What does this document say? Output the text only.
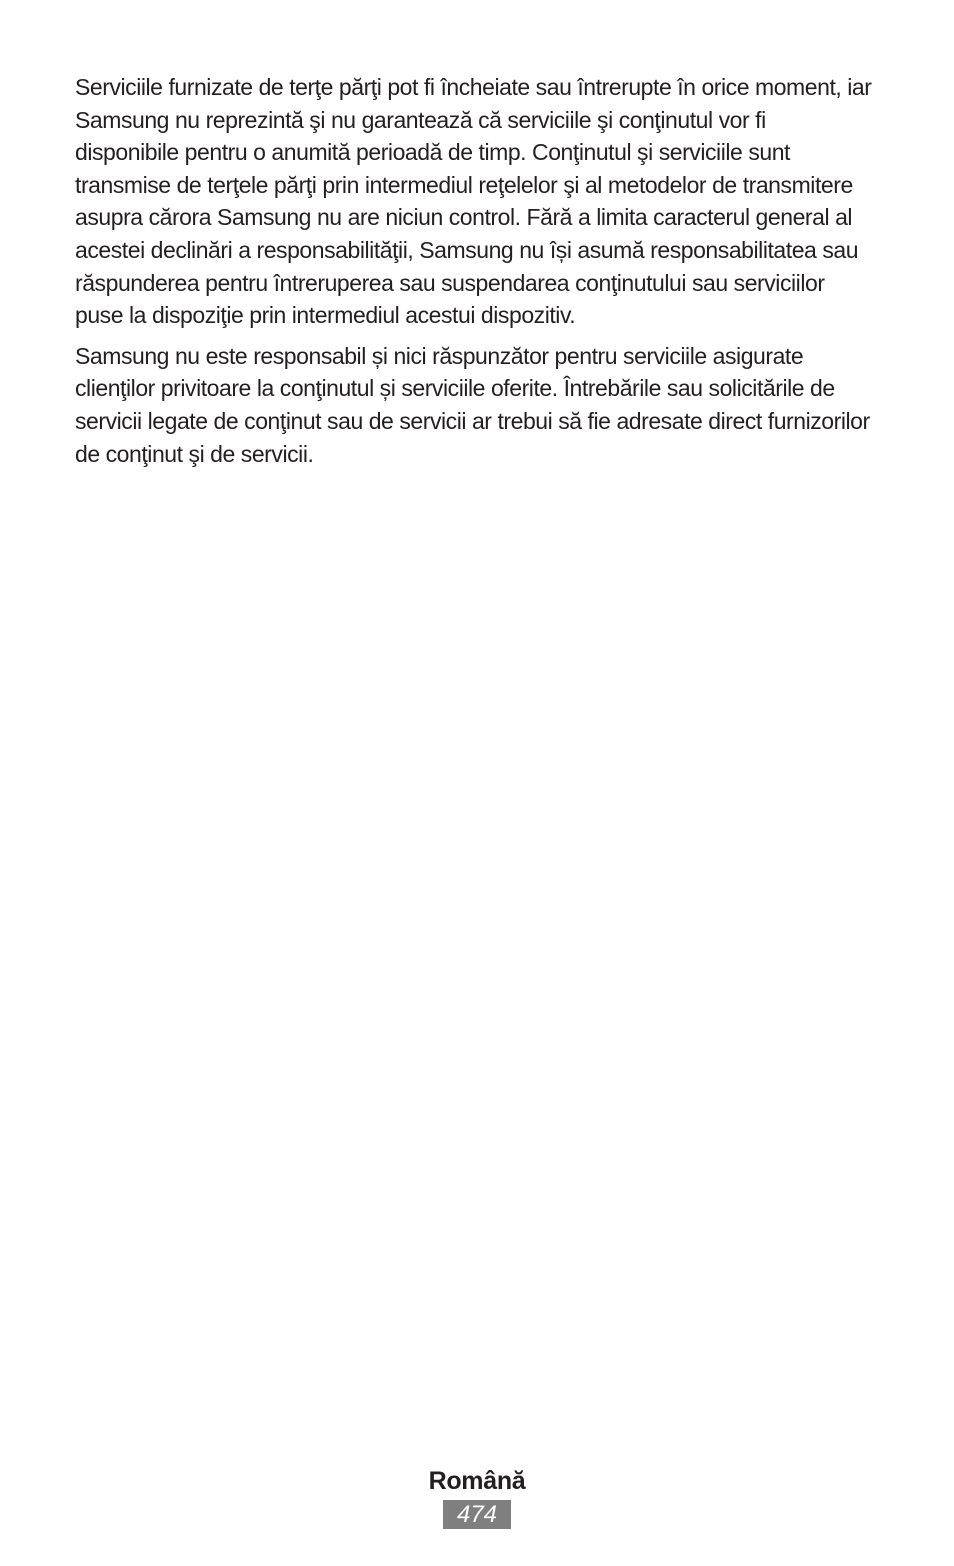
Serviciile furnizate de terţe părţi pot fi încheiate sau întrerupte în orice moment, iar Samsung nu reprezintă şi nu garantează că serviciile şi conţinutul vor fi disponibile pentru o anumită perioadă de timp. Conţinutul şi serviciile sunt transmise de terţele părţi prin intermediul reţelelor şi al metodelor de transmitere asupra cărora Samsung nu are niciun control. Fără a limita caracterul general al acestei declinări a responsabilităţii, Samsung nu își asumă responsabilitatea sau răspunderea pentru întreruperea sau suspendarea conţinutului sau serviciilor puse la dispoziţie prin intermediul acestui dispozitiv.

Samsung nu este responsabil și nici răspunzător pentru serviciile asigurate clienţilor privitoare la conţinutul și serviciile oferite. Întrebările sau solicitările de servicii legate de conţinut sau de servicii ar trebui să fie adresate direct furnizorilor de conţinut şi de servicii.

Română
474
